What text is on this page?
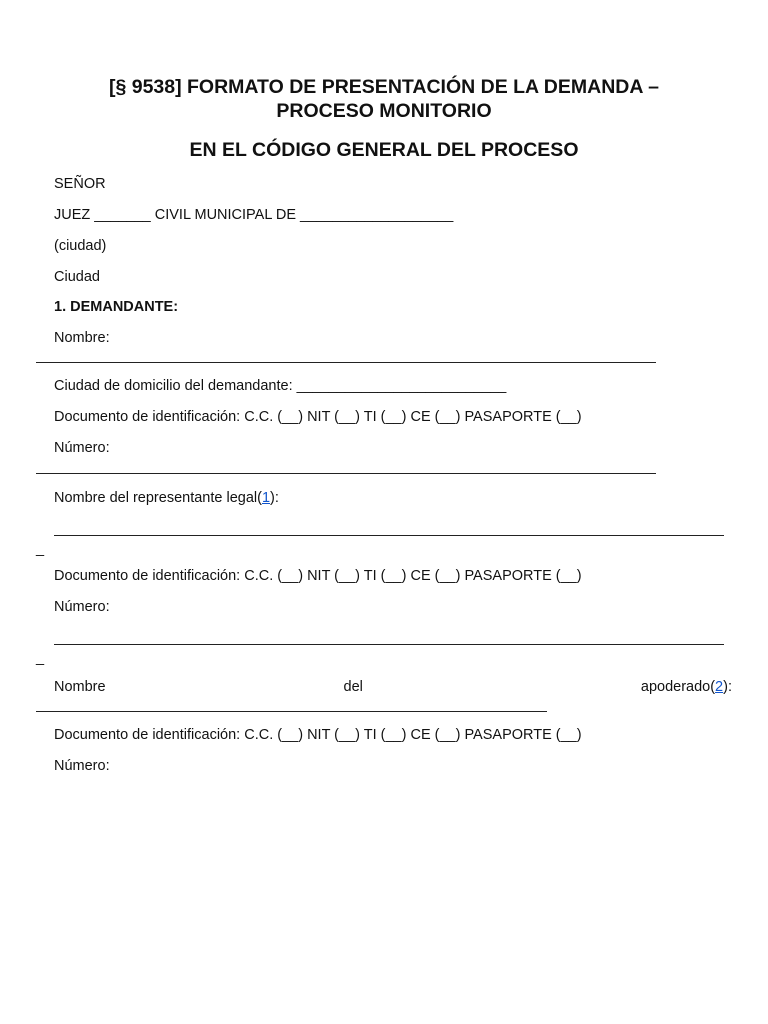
[§ 9538] FORMATO DE PRESENTACIÓN DE LA DEMANDA –
PROCESO MONITORIO

EN EL CÓDIGO GENERAL DEL PROCESO

SEÑOR

JUEZ _______ CIVIL MUNICIPAL DE ___________________

(ciudad)

Ciudad

1. DEMANDANTE:

Nombre:

Ciudad de domicilio del demandante: __________________________

Documento de identificación: C.C. (__) NIT (__) TI (__) CE (__) PASAPORTE (__)

Número:

Nombre del representante legal(1):

_

Documento de identificación: C.C. (__) NIT (__) TI (__) CE (__) PASAPORTE (__)

Número:

_
Nombre	del	apoderado(2):

Documento de identificación: C.C. (__) NIT (__) TI (__) CE (__) PASAPORTE (__)

Número:
